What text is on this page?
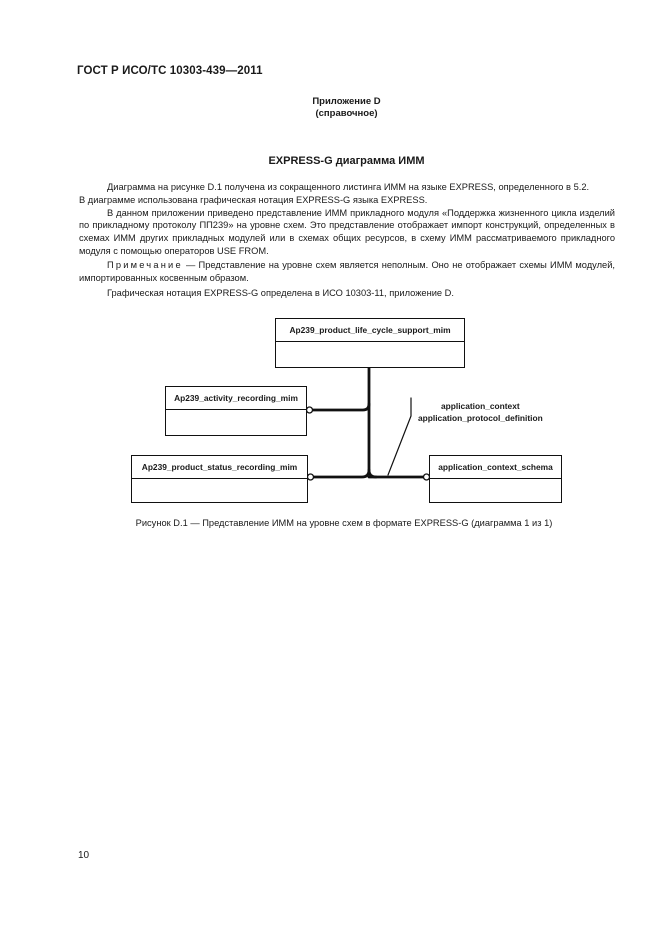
ГОСТ Р ИСО/ТС 10303-439—2011
Приложение D
(справочное)
EXPRESS-G диаграмма ИММ

Диаграмма на рисунке D.1 получена из сокращенного листинга ИММ на языке EXPRESS, определенного в 5.2.

В диаграмме использована графическая нотация EXPRESS-G языка EXPRESS.

В данном приложении приведено представление ИММ прикладного модуля «Поддержка жизненного цикла изделий по прикладному протоколу ПП239» на уровне схем. Это представление отображает импорт конструкций, определенных в схемах ИММ других прикладных модулей или в схемах общих ресурсов, в схему ИММ рассматриваемого прикладного модуля с помощью операторов USE FROM.

Примечание — Представление на уровне схем является неполным. Оно не отображает схемы ИММ модулей, импортированных косвенным образом.

Графическая нотация EXPRESS-G определена в ИСО 10303-11, приложение D.

Ap239_product_life_cycle_support_mim
Ap239_activity_recording_mim
Ap239_product_status_recording_mim	application_context_schema
application_context
application_protocol_definition
Рисунок D.1 — Представление ИММ на уровне схем в формате EXPRESS-G (диаграмма 1 из 1)
10
